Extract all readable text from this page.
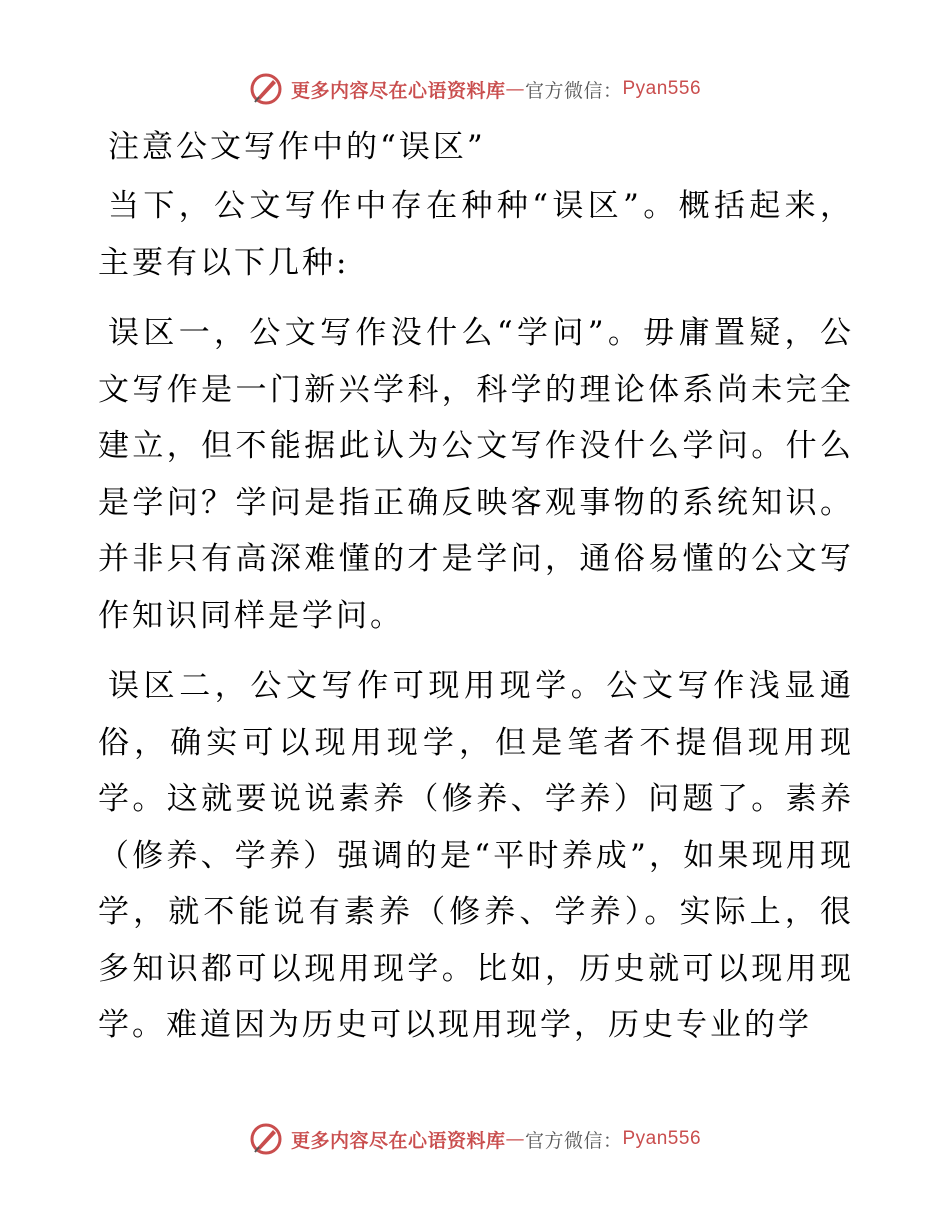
更多内容尽在心语资料库 — 官方微信： Pyan556
注意公文写作中的“误区”

当下，公文写作中存在种种“误区”。概括起来，主要有以下几种:

误区一，公文写作没什么“学问”。毋庸置疑，公文写作是一门新兴学科，科学的理论体系尚未完全建立，但不能据此认为公文写作没什么学问。什么是学问？学问是指正确反映客观事物的系统知识。并非只有高深难懂的才是学问，通俗易懂的公文写作知识同样是学问。

误区二，公文写作可现用现学。公文写作浅显通俗，确实可以现用现学，但是笔者不提倡现用现学。这就要说说素养（修养、学养）问题了。素养（修养、学养）强调的是“平时养成”，如果现用现学，就不能说有素养（修养、学养）。实际上，很多知识都可以现用现学。比如，历史就可以现用现学。难道因为历史可以现用现学，历史专业的学

更多内容尽在心语资料库 — 官方微信： Pyan556
